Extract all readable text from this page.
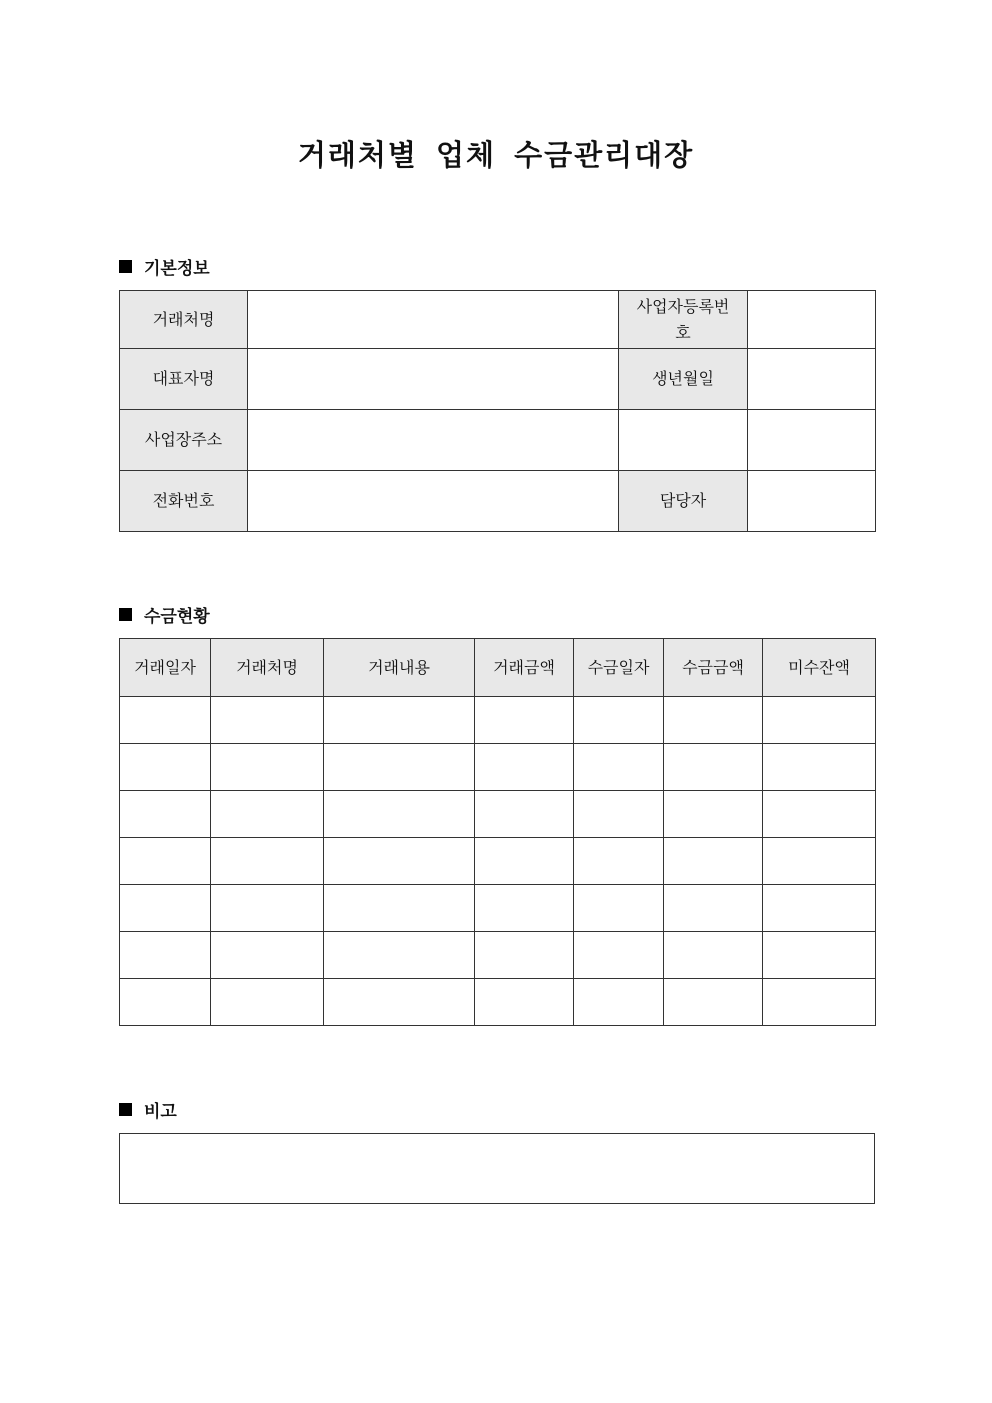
거래처별 업체 수금관리대장
기본정보
거래처명		사업자등록번호	
대표자명		생년월일	
사업장주소			
전화번호		담당자	
수금현황
거래일자	거래처명	거래내용	거래금액	수금일자	수금금액	미수잔액

비고
